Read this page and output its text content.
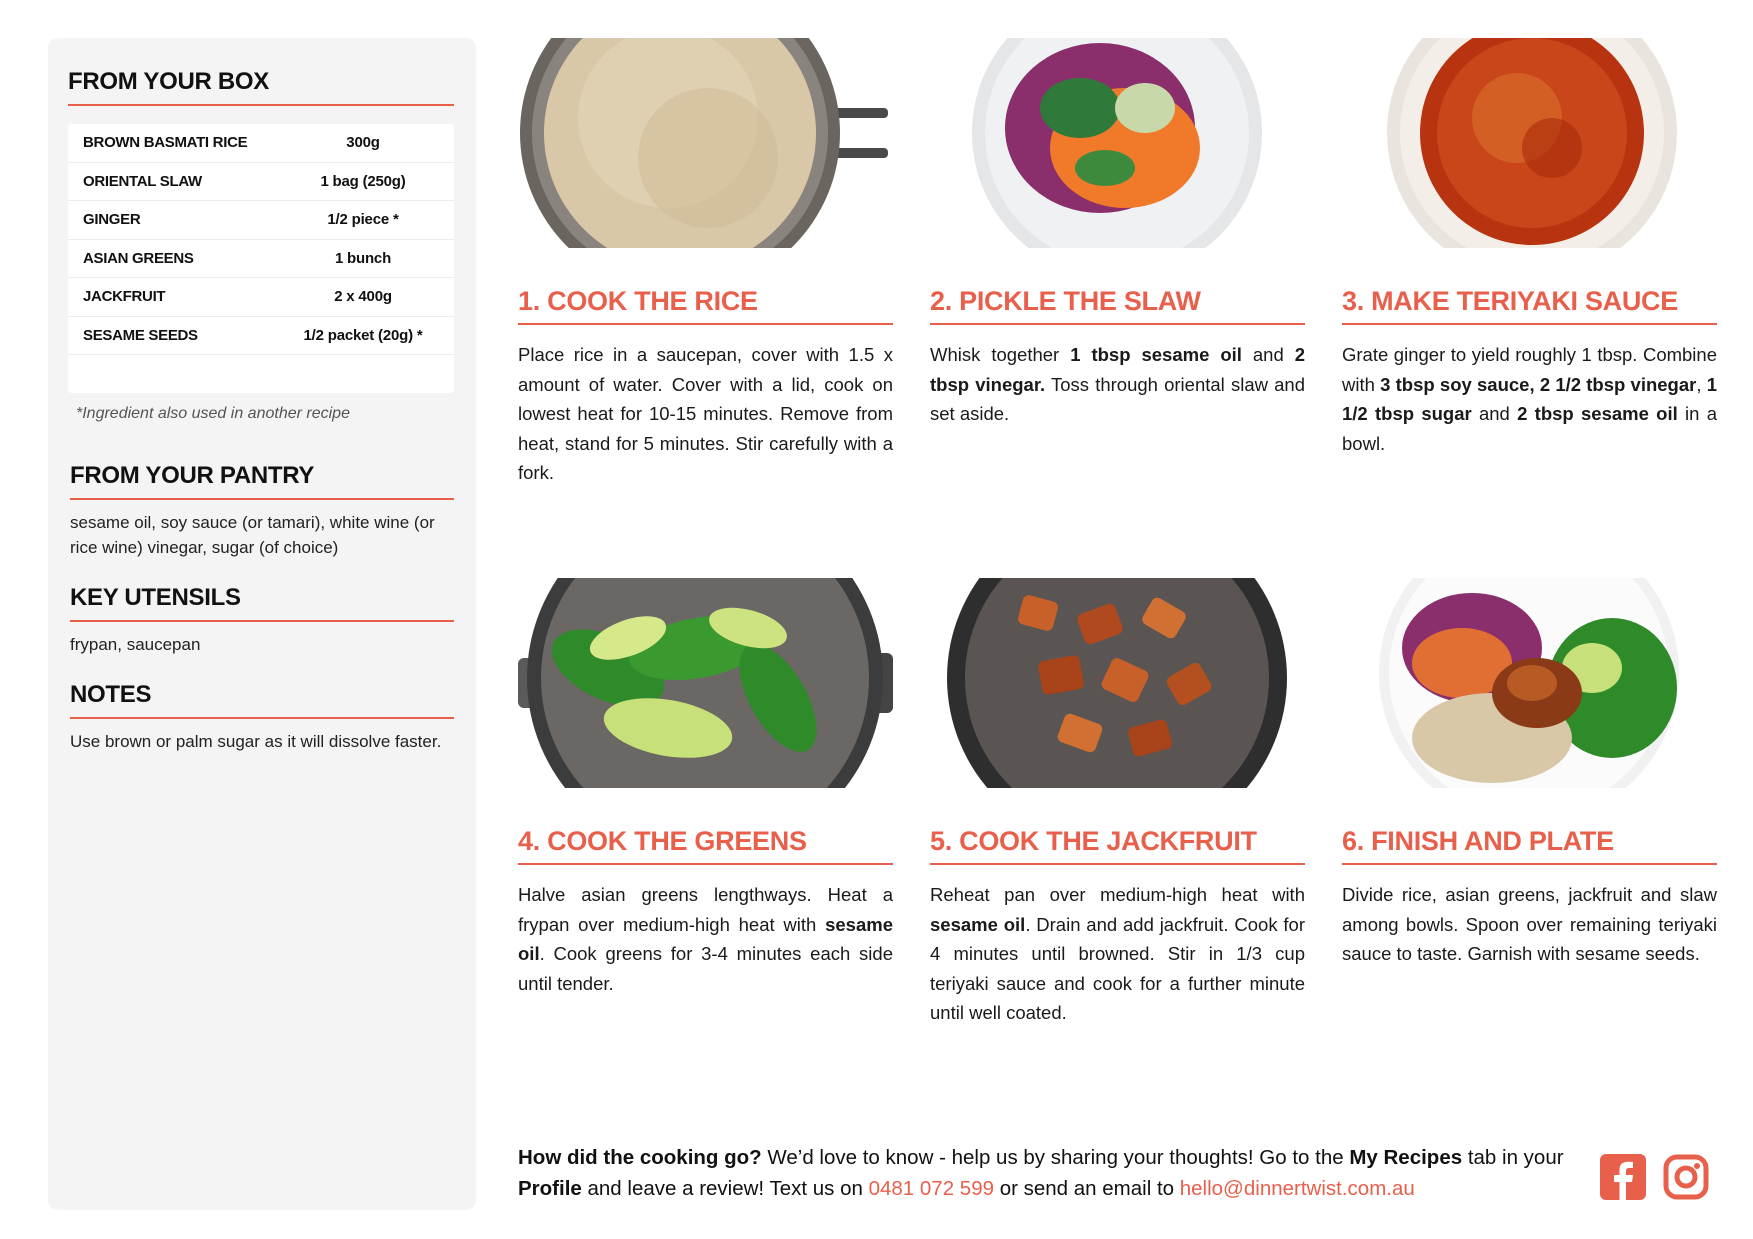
FROM YOUR BOX
BROWN BASMATI RICE	300g
ORIENTAL SLAW	1 bag (250g)
GINGER	1/2 piece *
ASIAN GREENS	1 bunch
JACKFRUIT	2 x 400g
SESAME SEEDS	1/2 packet (20g) *
*Ingredient also used in another recipe
FROM YOUR PANTRY
sesame oil, soy sauce (or tamari), white wine (or rice wine) vinegar, sugar (of choice)
KEY UTENSILS
frypan, saucepan
NOTES
Use brown or palm sugar as it will dissolve faster.
1. COOK THE RICE
Place rice in a saucepan, cover with 1.5 x amount of water. Cover with a lid, cook on lowest heat for 10-15 minutes. Remove from heat, stand for 5 minutes. Stir carefully with a fork.
2. PICKLE THE SLAW
Whisk together 1 tbsp sesame oil and 2 tbsp vinegar. Toss through oriental slaw and set aside.
3. MAKE TERIYAKI SAUCE
Grate ginger to yield roughly 1 tbsp. Combine with 3 tbsp soy sauce, 2 1/2 tbsp vinegar, 1 1/2 tbsp sugar and 2 tbsp sesame oil in a bowl.
4. COOK THE GREENS
Halve asian greens lengthways. Heat a frypan over medium-high heat with sesame oil. Cook greens for 3-4 minutes each side until tender.
5. COOK THE JACKFRUIT
Reheat pan over medium-high heat with sesame oil. Drain and add jackfruit. Cook for 4 minutes until browned. Stir in 1/3 cup teriyaki sauce and cook for a further minute until well coated.
6. FINISH AND PLATE
Divide rice, asian greens, jackfruit and slaw among bowls. Spoon over remaining teriyaki sauce to taste. Garnish with sesame seeds.
How did the cooking go? We’d love to know - help us by sharing your thoughts! Go to the My Recipes tab in your Profile and leave a review! Text us on 0481 072 599 or send an email to hello@dinnertwist.com.au
